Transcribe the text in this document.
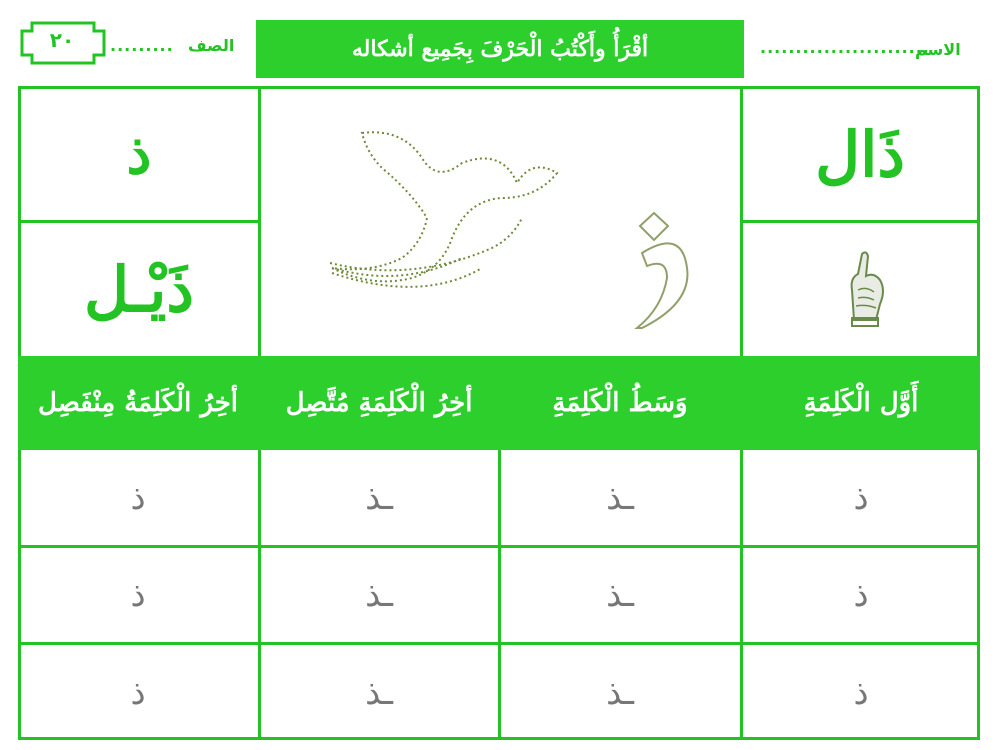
الاسم
........................
أقْرَأُ وأَكْتُبُ الْحَرْفَ بِجَمِيع أشكاله
الصف
.........
٢٠
ذَال
ذ
ذَيْـل
أَوَّل الْكَلِمَةِ
وَسَطُ الْكَلِمَةِ
أخِرُ الْكَلِمَةِ مُتَّصِل
أخِرُ الْكَلِمَةُ مِنْفَصِل
ذ
ـذ
ـذ
ذ
ذ
ـذ
ـذ
ذ
ذ
ـذ
ـذ
ذ
